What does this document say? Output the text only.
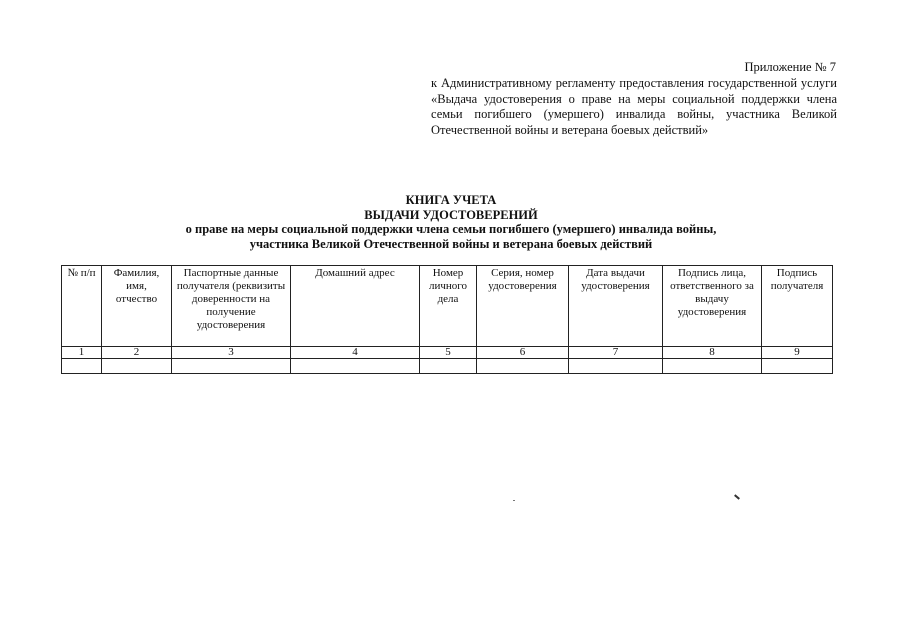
Приложение № 7
к Административному регламенту предоставления государственной услуги «Выдача удостоверения о праве на меры социальной поддержки члена семьи погибшего (умершего) инвалида войны, участника Великой Отечественной войны и ветерана боевых действий»
КНИГА УЧЕТА
ВЫДАЧИ УДОСТОВЕРЕНИЙ
о праве на меры социальной поддержки члена семьи погибшего (умершего) инвалида войны,
участника Великой Отечественной войны и ветерана боевых действий
№ п/п	Фамилия, имя, отчество	Паспортные данные получателя (реквизиты доверенности на получение удостоверения	Домашний адрес	Номер личного дела	Серия, номер удостоверения	Дата выдачи удостоверения	Подпись лица, ответственного за выдачу удостоверения	Подпись получателя
1	2	3	4	5	6	7	8	9
